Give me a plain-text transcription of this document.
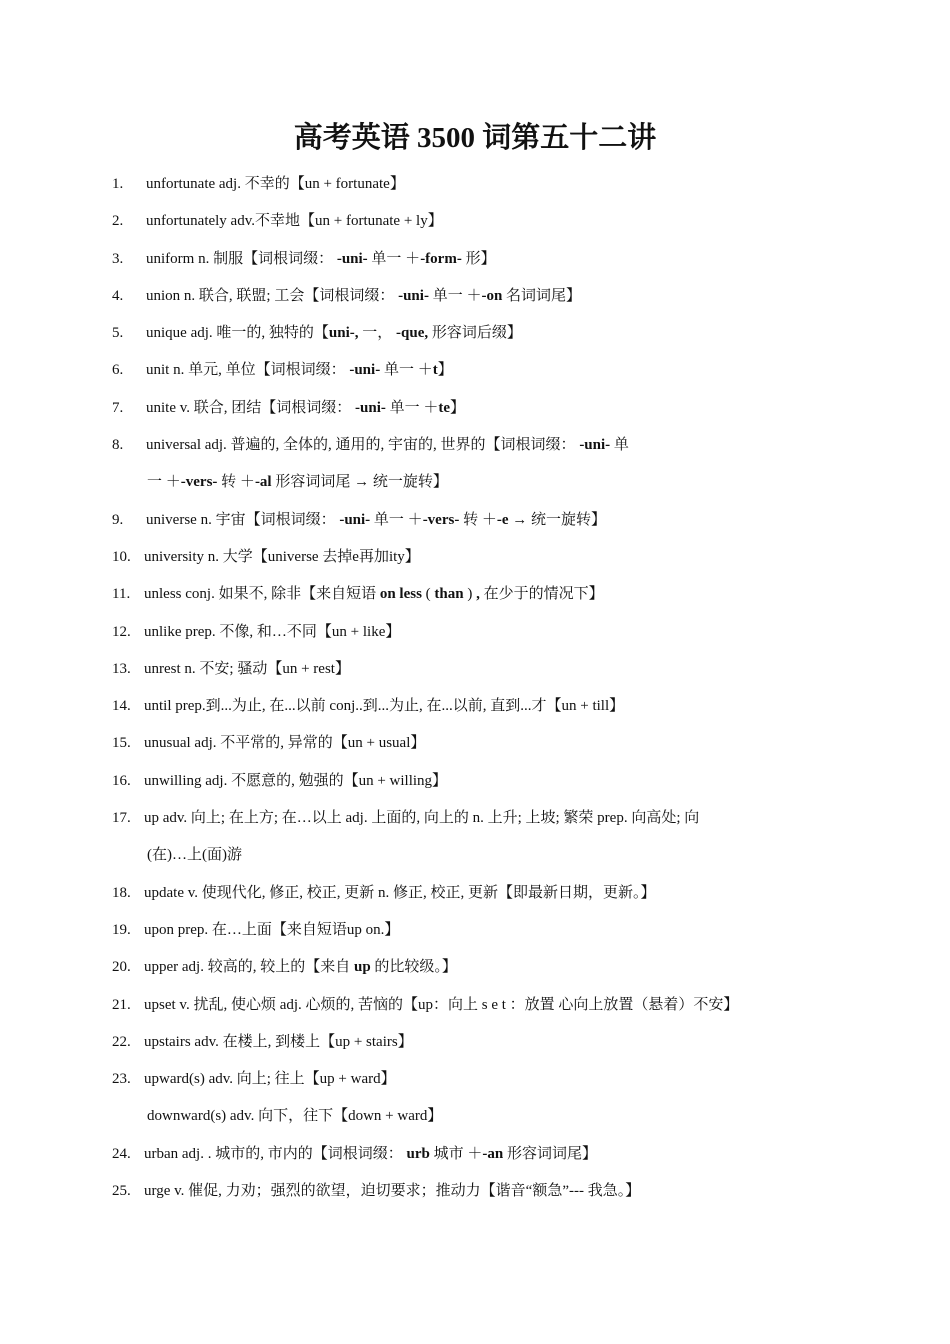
高考英语 3500 词第五十二讲
1. unfortunate adj. 不幸的【un + fortunate】
2. unfortunately adv.不幸地【un + fortunate + ly】
3. uniform n. 制服【词根词缀： -uni- 单一 ＋-form- 形】
4. union n. 联合, 联盟; 工会【词根词缀： -uni- 单一 ＋-on 名词词尾】
5. unique adj. 唯一的, 独特的【uni-, 一， -que, 形容词后缀】
6. unit n. 单元, 单位【词根词缀： -uni- 单一 ＋t】
7. unite v. 联合, 团结【词根词缀： -uni- 单一 ＋te】
8. universal adj. 普遍的, 全体的, 通用的, 宇宙的, 世界的【词根词缀： -uni- 单
一 ＋-vers- 转 ＋-al 形容词词尾 → 统一旋转】
9. universe n. 宇宙【词根词缀： -uni- 单一 ＋-vers- 转 ＋-e → 统一旋转】
10. university n. 大学【universe 去掉e再加ity】
11. unless conj. 如果不, 除非【来自短语 on less ( than ) , 在少于的情况下】
12. unlike prep. 不像, 和…不同【un + like】
13. unrest n. 不安; 骚动【un + rest】
14. until prep.到...为止, 在...以前 conj..到...为止, 在...以前, 直到...才【un + till】
15. unusual adj. 不平常的, 异常的【un + usual】
16. unwilling adj. 不愿意的, 勉强的【un + willing】
17. up adv. 向上; 在上方; 在…以上 adj. 上面的, 向上的 n. 上升; 上坡; 繁荣 prep. 向高处; 向
(在)…上(面)游
18. update v. 使现代化, 修正, 校正, 更新 n. 修正, 校正, 更新【即最新日期，更新。】
19. upon prep. 在…上面【来自短语up on.】
20. upper adj. 较高的, 较上的【来自 up 的比较级。】
21. upset v. 扰乱, 使心烦 adj. 心烦的, 苦恼的【up：向上 s e t ：放置 心向上放置（悬着）不安】
22. upstairs adv. 在楼上, 到楼上【up + stairs】
23. upward(s) adv. 向上; 往上【up + ward】
downward(s) adv. 向下，往下【down + ward】
24. urban adj. . 城市的, 市内的【词根词缀： urb 城市 ＋-an 形容词词尾】
25. urge v. 催促, 力劝；强烈的欲望，迫切要求；推动力【谐音“额急”--- 我急。】
